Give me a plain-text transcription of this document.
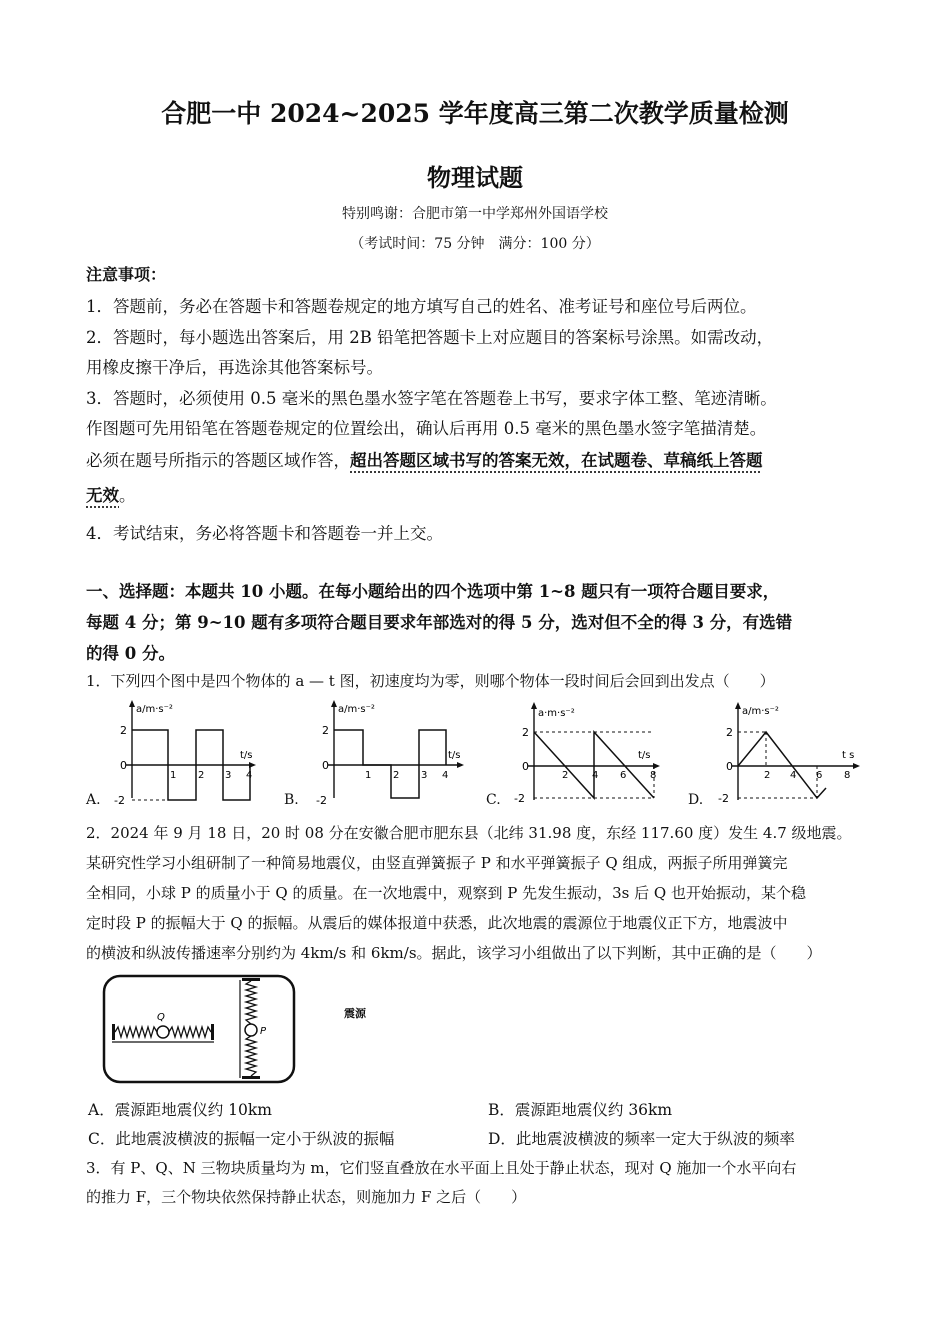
合肥一中 2024~2025 学年度高三第二次教学质量检测
物理试题
特别鸣谢：合肥市第一中学郑州外国语学校
（考试时间：75 分钟　满分：100 分）
注意事项：
1．答题前，务必在答题卡和答题卷规定的地方填写自己的姓名、准考证号和座位号后两位。
2．答题时，每小题选出答案后，用 2B 铅笔把答题卡上对应题目的答案标号涂黑。如需改动，
用橡皮擦干净后，再选涂其他答案标号。
3．答题时，必须使用 0.5 毫米的黑色墨水签字笔在答题卷上书写，要求字体工整、笔迹清晰。
作图题可先用铅笔在答题卷规定的位置绘出，确认后再用 0.5 毫米的黑色墨水签字笔描清楚。
必须在题号所指示的答题区域作答，超出答题区域书写的答案无效，在试题卷、草稿纸上答题
无效。
4．考试结束，务必将答题卡和答题卷一并上交。
一、选择题：本题共 10 小题。在每小题给出的四个选项中第 1~8 题只有一项符合题目要求，
每题 4 分；第 9~10 题有多项符合题目要求年部选对的得 5 分，选对但不全的得 3 分，有选错
的得 0 分。
1．下列四个图中是四个物体的 a — t 图，初速度均为零，则哪个物体一段时间后会回到出发点（　　）
A.
a/m·s⁻²
t/s
2
0
-2
1 2 3 4
B.
a/m·s⁻²
t/s
2
0
-2
1 2 3 4
C.
a·m·s⁻²
t/s
2
0
-2
2 4 6 8
D.
a/m·s⁻²
t s
2
0
-2
2 4 6 8
2．2024 年 9 月 18 日，20 时 08 分在安徽合肥市肥东县（北纬 31.98 度，东经 117.60 度）发生 4.7 级地震。
某研究性学习小组研制了一种简易地震仪，由竖直弹簧振子 P 和水平弹簧振子 Q 组成，两振子所用弹簧完
全相同，小球 P 的质量小于 Q 的质量。在一次地震中，观察到 P 先发生振动，3s 后 Q 也开始振动，某个稳
定时段 P 的振幅大于 Q 的振幅。从震后的媒体报道中获悉，此次地震的震源位于地震仪正下方，地震波中
的横波和纵波传播速率分别约为 4km/s 和 6km/s。据此，该学习小组做出了以下判断，其中正确的是（　　）
Q
P
震源
A．震源距地震仪约 10km	B．震源距地震仪约 36km
C．此地震波横波的振幅一定小于纵波的振幅	D．此地震波横波的频率一定大于纵波的频率
3．有 P、Q、N 三物块质量均为 m，它们竖直叠放在水平面上且处于静止状态，现对 Q 施加一个水平向右
的推力 F，三个物块依然保持静止状态，则施加力 F 之后（　　）
